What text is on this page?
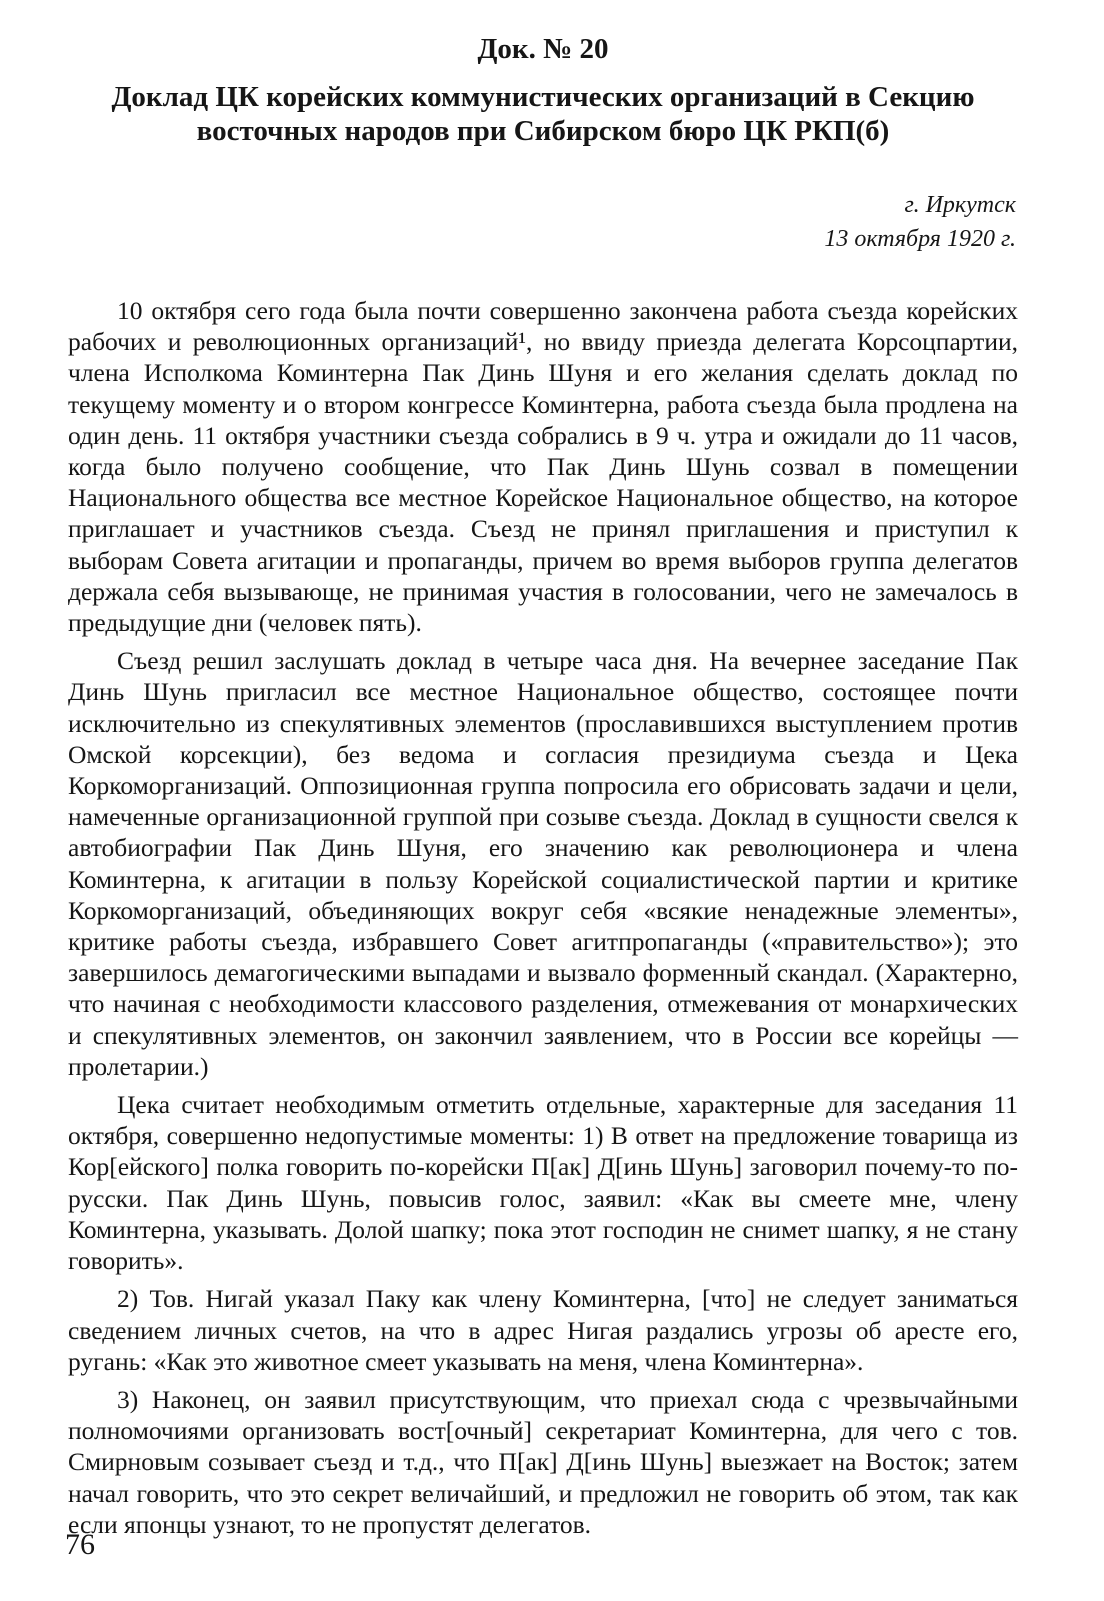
Док. № 20
Доклад ЦК корейских коммунистических организаций в Секцию восточных народов при Сибирском бюро ЦК РКП(б)
г. Иркутск
13 октября 1920 г.

10 октября сего года была почти совершенно закончена работа съезда корейских рабочих и революционных организаций¹, но ввиду приезда делегата Корсоцпартии, члена Исполкома Коминтерна Пак Динь Шуня и его желания сделать доклад по текущему моменту и о втором конгрессе Коминтерна, работа съезда была продлена на один день. 11 октября участники съезда собрались в 9 ч. утра и ожидали до 11 часов, когда было получено сообщение, что Пак Динь Шунь созвал в помещении Национального общества все местное Корейское Национальное общество, на которое приглашает и участников съезда. Съезд не принял приглашения и приступил к выборам Совета агитации и пропаганды, причем во время выборов группа делегатов держала себя вызывающе, не принимая участия в голосовании, чего не замечалось в предыдущие дни (человек пять).

Съезд решил заслушать доклад в четыре часа дня. На вечернее заседание Пак Динь Шунь пригласил все местное Национальное общество, состоящее почти исключительно из спекулятивных элементов (прославившихся выступлением против Омской корсекции), без ведома и согласия президиума съезда и Цека Коркоморганизаций. Оппозиционная группа попросила его обрисовать задачи и цели, намеченные организационной группой при созыве съезда. Доклад в сущности свелся к автобиографии Пак Динь Шуня, его значению как революционера и члена Коминтерна, к агитации в пользу Корейской социалистической партии и критике Коркоморганизаций, объединяющих вокруг себя «всякие ненадежные элементы», критике работы съезда, избравшего Совет агитпропаганды («правительство»); это завершилось демагогическими выпадами и вызвало форменный скандал. (Характерно, что начиная с необходимости классового разделения, отмежевания от монархических и спекулятивных элементов, он закончил заявлением, что в России все корейцы — пролетарии.)

Цека считает необходимым отметить отдельные, характерные для заседания 11 октября, совершенно недопустимые моменты: 1) В ответ на предложение товарища из Кор[ейского] полка говорить по-корейски П[ак] Д[инь Шунь] заговорил почему-то по-русски. Пак Динь Шунь, повысив голос, заявил: «Как вы смеете мне, члену Коминтерна, указывать. Долой шапку; пока этот господин не снимет шапку, я не стану говорить».

2) Тов. Нигай указал Паку как члену Коминтерна, [что] не следует заниматься сведением личных счетов, на что в адрес Нигая раздались угрозы об аресте его, ругань: «Как это животное смеет указывать на меня, члена Коминтерна».

3) Наконец, он заявил присутствующим, что приехал сюда с чрезвычайными полномочиями организовать вост[очный] секретариат Коминтерна, для чего с тов. Смирновым созывает съезд и т.д., что П[ак] Д[инь Шунь] выезжает на Восток; затем начал говорить, что это секрет величайший, и предложил не говорить об этом, так как если японцы узнают, то не пропустят делегатов.

76
